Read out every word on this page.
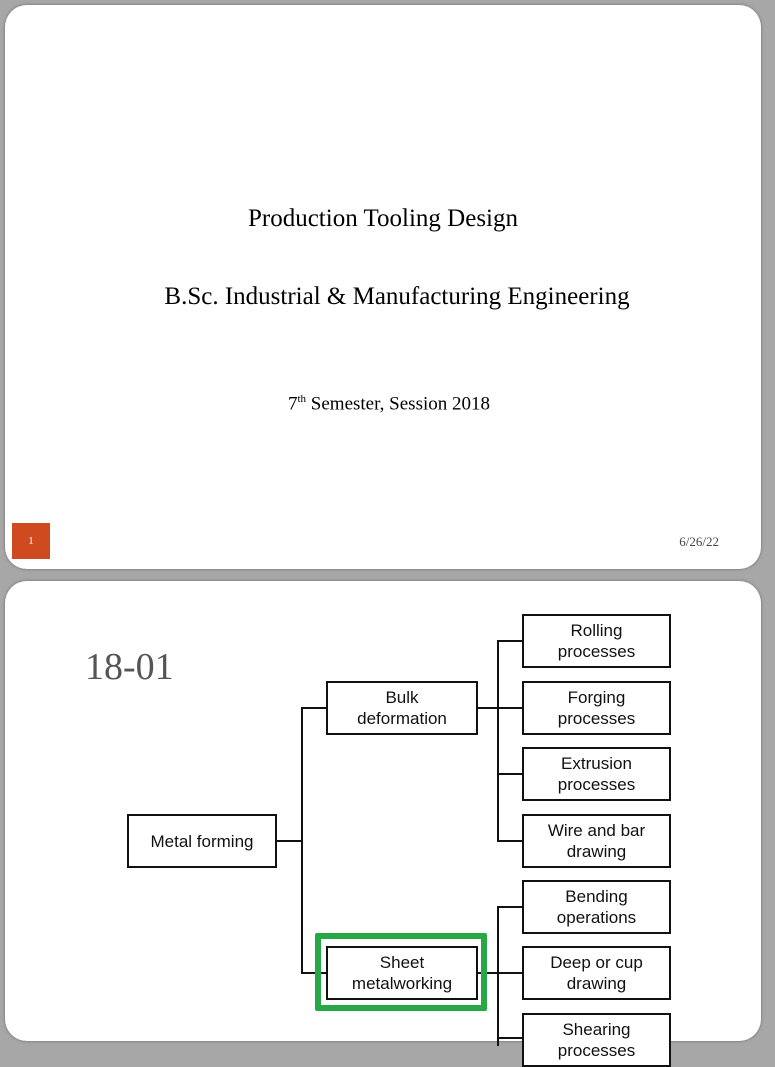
Production Tooling Design

B.Sc. Industrial & Manufacturing Engineering

7th Semester, Session 2018

1	6/26/22

18-01

Metal forming
Bulk
deformation
Sheet
metalworking
Rolling
processes
Forging
processes
Extrusion
processes
Wire and bar
drawing
Bending
operations
Deep or cup
drawing
Shearing
processes
